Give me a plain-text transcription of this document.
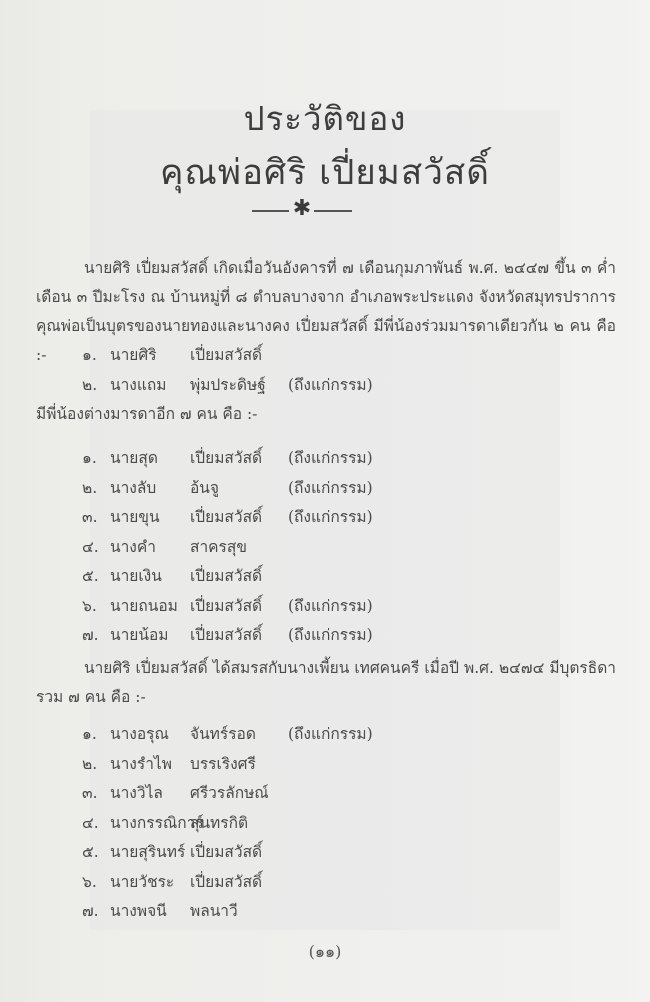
ประวัติของ
คุณพ่อศิริ เปี่ยมสวัสดิ์
✱

นายศิริ เปี่ยมสวัสดิ์ เกิดเมื่อวันอังคารที่ ๗ เดือนกุมภาพันธ์ พ.ศ. ๒๔๔๗ ขึ้น ๓ ค่ำ เดือน ๓ ปีมะโรง ณ บ้านหมู่ที่ ๘ ตำบลบางจาก อำเภอพระประแดง จังหวัดสมุทรปราการ คุณพ่อเป็นบุตรของนายทองและนางคง เปี่ยมสวัสดิ์ มีพี่น้องร่วมมารดาเดียวกัน ๒ คน คือ :-	๑. นายศิริ เปี่ยมสวัสดิ์
๒. นางแถม พุ่มประดิษฐ์ (ถึงแก่กรรม)

มีพี่น้องต่างมารดาอีก ๗ คน คือ :-

๑. นายสุด เปี่ยมสวัสดิ์ (ถึงแก่กรรม)
๒. นางลับ อ้นจู	(ถึงแก่กรรม)
๓. นายขุน เปี่ยมสวัสดิ์ (ถึงแก่กรรม)
๔. นางคำ สาครสุข
๕. นายเงิน เปี่ยมสวัสดิ์
๖. นายถนอม เปี่ยมสวัสดิ์ (ถึงแก่กรรม)
๗. นายน้อม เปี่ยมสวัสดิ์ (ถึงแก่กรรม)

นายศิริ เปี่ยมสวัสดิ์ ได้สมรสกับนางเพี้ยน เทศคนครี เมื่อปี พ.ศ. ๒๔๗๔ มีบุตรธิดา รวม ๗ คน คือ :-

๑. นางอรุณ จันทร์รอด (ถึงแก่กรรม)
๒. นางรำไพ บรรเริงศรี
๓. นางวิไล ศรีวรลักษณ์
๔. นางกรรณิการ์สุนทรกิติ
๕. นายสุรินทร์ เปี่ยมสวัสดิ์
๖. นายวัชระ เปี่ยมสวัสดิ์
๗. นางพจนี พลนาวี
(๑๑)
